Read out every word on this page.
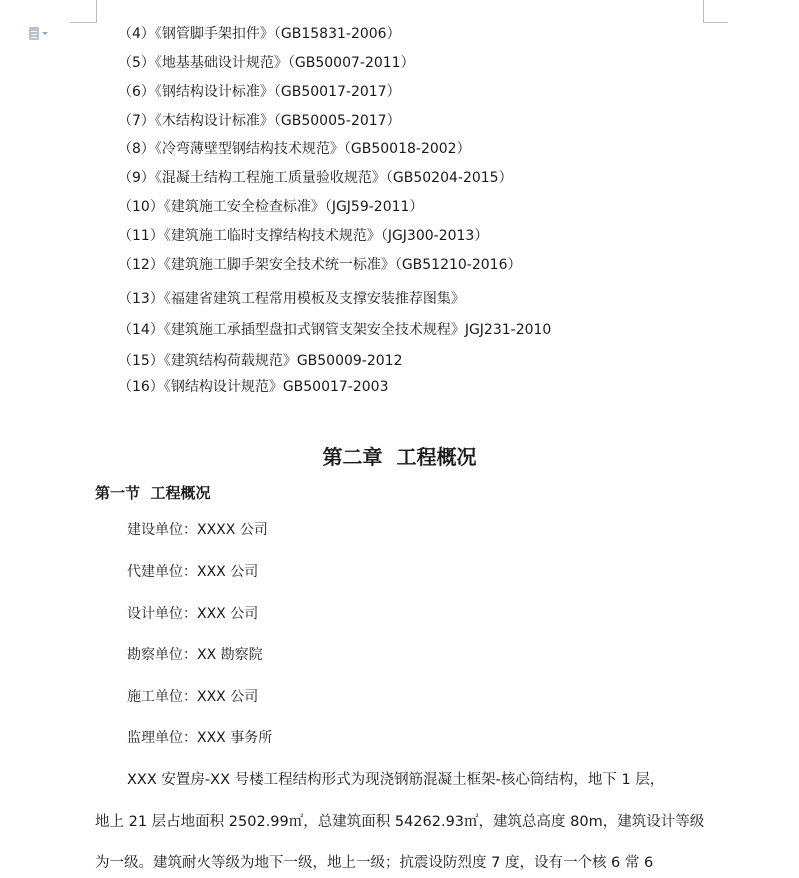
（4）《钢管脚手架扣件》（GB15831-2006）
（5）《地基基础设计规范》（GB50007-2011）
（6）《钢结构设计标准》（GB50017-2017）
（7）《木结构设计标准》（GB50005-2017）
（8）《冷弯薄壁型钢结构技术规范》（GB50018-2002）
（9）《混凝土结构工程施工质量验收规范》（GB50204-2015）
（10）《建筑施工安全检查标准》（JGJ59-2011）
（11）《建筑施工临时支撑结构技术规范》（JGJ300-2013）
（12）《建筑施工脚手架安全技术统一标准》（GB51210-2016）
（13）《福建省建筑工程常用模板及支撑安装推荐图集》
（14）《建筑施工承插型盘扣式钢管支架安全技术规程》JGJ231-2010
（15）《建筑结构荷载规范》GB50009-2012
（16）《钢结构设计规范》GB50017-2003
第二章  工程概况
第一节  工程概况
建设单位：XXXX 公司
代建单位：XXX 公司
设计单位：XXX 公司
勘察单位：XX 勘察院
施工单位：XXX 公司
监理单位：XXX 事务所
XXX 安置房-XX 号楼工程结构形式为现浇钢筋混凝土框架-核心筒结构，地下 1 层，
地上 21 层占地面积 2502.99㎡，总建筑面积 54262.93㎡，建筑总高度 80m，建筑设计等级
为一级。建筑耐火等级为地下一级，地上一级；抗震设防烈度 7 度，设有一个核 6 常 6
